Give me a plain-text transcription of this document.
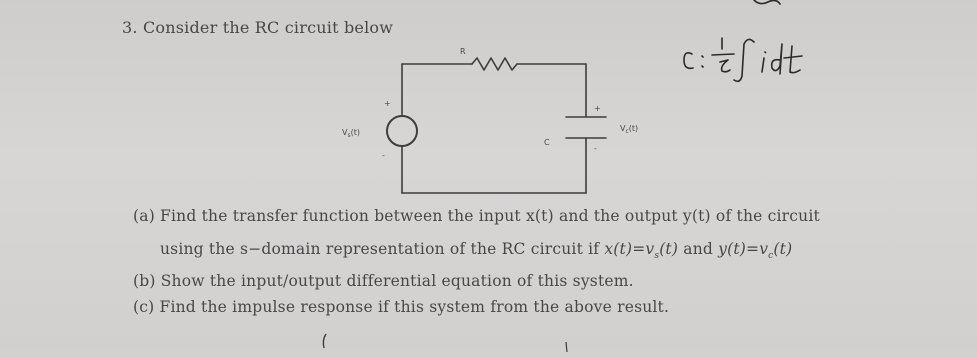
3. Consider the RC circuit below
(a) Find the transfer function between the input x(t) and the output y(t) of the circuit
using the s−domain representation of the RC circuit if $x(t)=v_s(t)$ and $y(t)=v_c(t)$
(b) Show the input/output differential equation of this system.
(c) Find the impulse response if this system from the above result.
R
C
$V_s(t)$	$V_c(t)$
+
-
+
-
